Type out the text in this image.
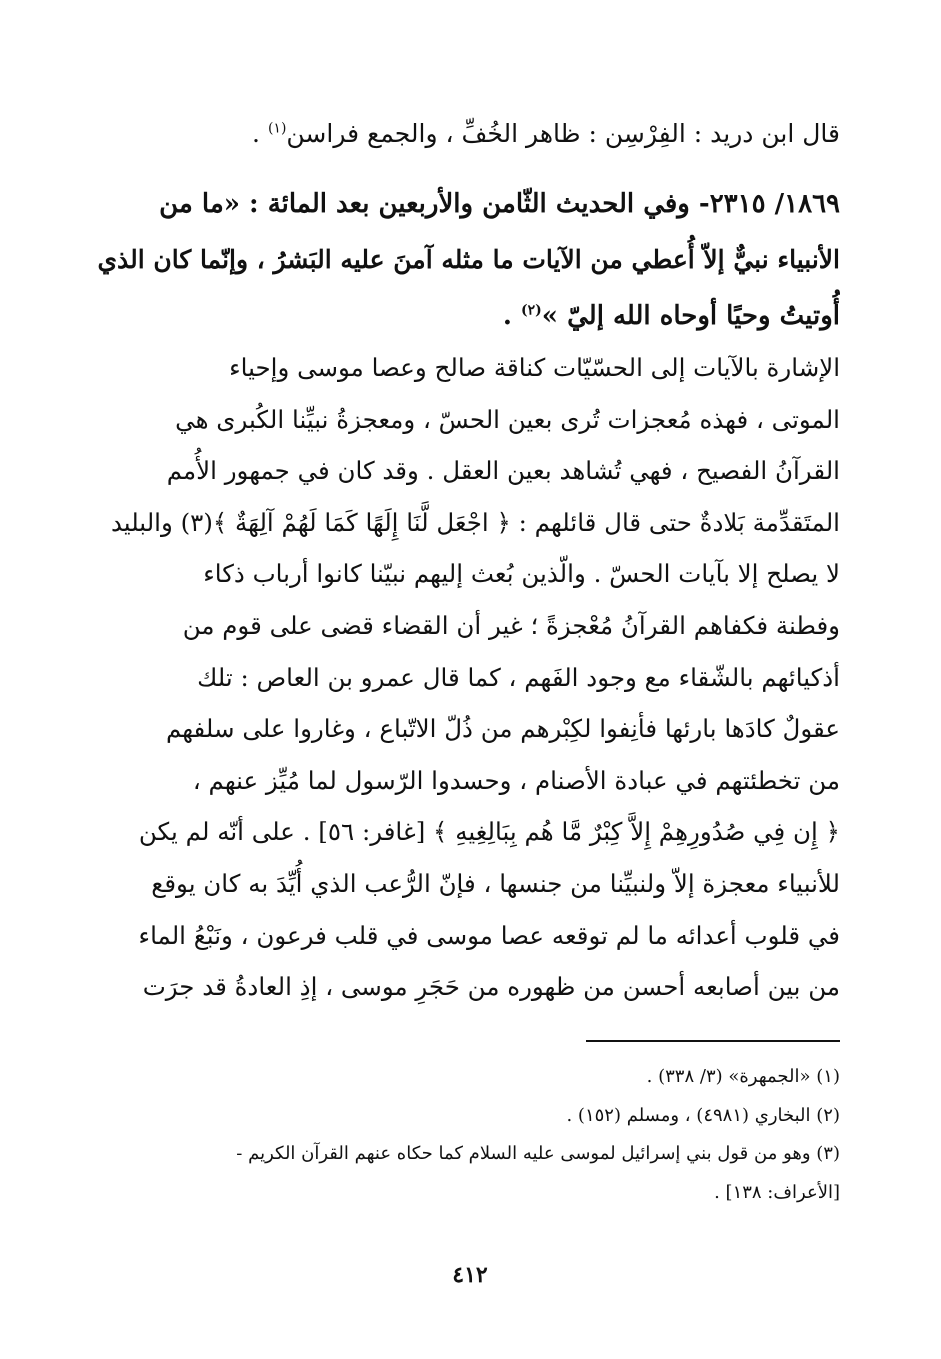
قال ابن دريد : الفِرْسِن : ظاهر الخُفِّ ، والجمع فراسن$^{(١)}$ .
١٨٦٩/ ٢٣١٥- وفي الحديث الثّامن والأربعين بعد المائة : «ما من
الأنبياء نبيٌّ إلاّ أُعطي من الآيات ما مثله آمنَ عليه البَشرُ ، وإنّما كان الذي
أُوتيتُ وحيًا أوحاه الله إليّ »$^{(٢)}$ .
الإشارة بالآيات إلى الحسّيّات كناقة صالح وعصا موسى وإحياء
الموتى ، فهذه مُعجزات تُرى بعين الحسّ ، ومعجزةُ نبيِّنا الكُبرى هي
القرآنُ الفصيح ، فهي تُشاهد بعين العقل . وقد كان في جمهور الأُمم
المتَقدِّمة بَلادةٌ حتى قال قائلهم : ﴿ اجْعَل لَّنَا إِلَهًا كَمَا لَهُمْ آلِهَةٌ ﴾(٣) والبليد
لا يصلح إلا بآيات الحسّ . والّذين بُعث إليهم نبيّنا كانوا أرباب ذكاء
وفطنة فكفاهم القرآنُ مُعْجزةً ؛ غير أن القضاء قضى على قوم من
أذكيائهم بالشّقاء مع وجود الفَهم ، كما قال عمرو بن العاص : تلك
عقولٌ كادَها بارئها فأنِفوا لكِبْرهم من ذُلّ الاتّباع ، وغاروا على سلفهم
من تخطئتهم في عبادة الأصنام ، وحسدوا الرّسول لما مُيِّز عنهم ،
﴿ إِن فِي صُدُورِهِمْ إِلاَّ كِبْرٌ مَّا هُم بِبَالِغِيهِ ﴾ [غافر: ٥٦] . على أنّه لم يكن
للأنبياء معجزة إلاّ ولنبيِّنا من جنسها ، فإنّ الرُّعب الذي أُيِّدَ به كان يوقع
في قلوب أعدائه ما لم توقعه عصا موسى في قلب فرعون ، ونَبْعُ الماء
من بين أصابعه أحسن من ظهوره من حَجَرِ موسى ، إذِ العادةُ قد جرَت
(١) «الجمهرة» (٣/ ٣٣٨) .
(٢) البخاري (٤٩٨١) ، ومسلم (١٥٢) .
(٣) وهو من قول بني إسرائيل لموسى عليه السلام كما حكاه عنهم القرآن الكريم -
[الأعراف: ١٣٨] .
٤١٢
